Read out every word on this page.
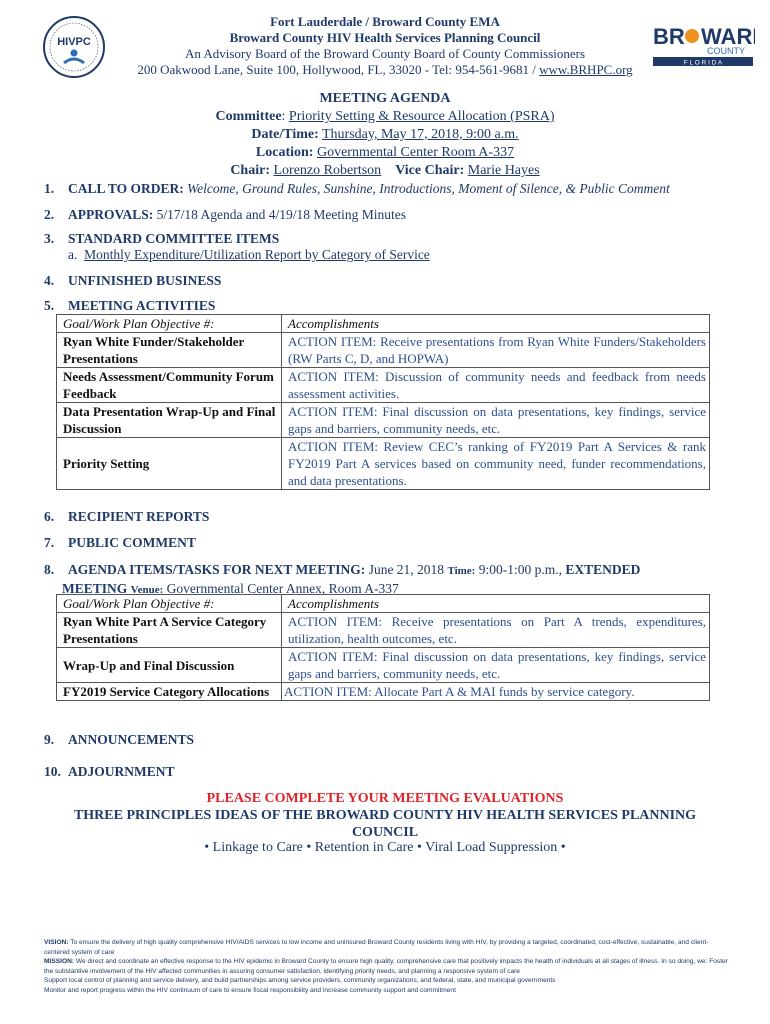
HIVPC	BR WAR
COUNTY
F L O R I D A
Fort Lauderdale / Broward County EMA
Broward County HIV Health Services Planning Council
An Advisory Board of the Broward County Board of County Commissioners
200 Oakwood Lane, Suite 100, Hollywood, FL, 33020 - Tel: 954-561-9681 / www.BRHPC.org
MEETING AGENDA
Committee: Priority Setting & Resource Allocation (PSRA)
Date/Time: Thursday, May 17, 2018, 9:00 a.m.
Location: Governmental Center Room A-337
Chair: Lorenzo Robertson Vice Chair: Marie Hayes
1. CALL TO ORDER: Welcome, Ground Rules, Sunshine, Introductions, Moment of Silence, & Public Comment
2. APPROVALS: 5/17/18 Agenda and 4/19/18 Meeting Minutes
3. STANDARD COMMITTEE ITEMS
a. Monthly Expenditure/Utilization Report by Category of Service
4. UNFINISHED BUSINESS
5. MEETING ACTIVITIES
Goal/Work Plan Objective #:	Accomplishments
Ryan White Funder/Stakeholder Presentations	ACTION ITEM: Receive presentations from Ryan White Funders/Stakeholders (RW Parts C, D, and HOPWA)
Needs Assessment/Community Forum Feedback	ACTION ITEM: Discussion of community needs and feedback from needs assessment activities.
Data Presentation Wrap-Up and Final Discussion	ACTION ITEM: Final discussion on data presentations, key findings, service gaps and barriers, community needs, etc.
Priority Setting	ACTION ITEM: Review CEC’s ranking of FY2019 Part A Services & rank FY2019 Part A services based on community need, funder recommendations, and data presentations.
6. RECIPIENT REPORTS
7. PUBLIC COMMENT
8. AGENDA ITEMS/TASKS FOR NEXT MEETING: June 21, 2018 Time: 9:00-1:00 p.m., EXTENDED
MEETING Venue: Governmental Center Annex, Room A-337
Goal/Work Plan Objective #:	Accomplishments
Ryan White Part A Service Category Presentations	ACTION ITEM: Receive presentations on Part A trends, expenditures, utilization, health outcomes, etc.
Wrap-Up and Final Discussion	ACTION ITEM: Final discussion on data presentations, key findings, service gaps and barriers, community needs, etc.
FY2019 Service Category Allocations	ACTION ITEM: Allocate Part A & MAI funds by service category.
9. ANNOUNCEMENTS
10. ADJOURNMENT
PLEASE COMPLETE YOUR MEETING EVALUATIONS
THREE PRINCIPLES IDEAS OF THE BROWARD COUNTY HIV HEALTH SERVICES PLANNING
COUNCIL
• Linkage to Care • Retention in Care • Viral Load Suppression •
VISION: To ensure the delivery of high quality comprehensive HIV/AIDS services to low income and uninsured Broward County residents living with HIV, by providing a targeted, coordinated, cost-effective, sustainable, and client-centered system of care
MISSION: We direct and coordinate an effective response to the HIV epidemic in Broward County to ensure high quality, comprehensive care that positively impacts the health of individuals at all stages of illness. In so doing, we: Foster the substantive involvement of the HIV affected communities in assuring consumer satisfaction, identifying priority needs, and planning a responsive system of care
Support local control of planning and service delivery, and build partnerships among service providers, community organizations, and federal, state, and municipal governments
Monitor and report progress within the HIV continuum of care to ensure fiscal responsibility and increase community support and commitment
